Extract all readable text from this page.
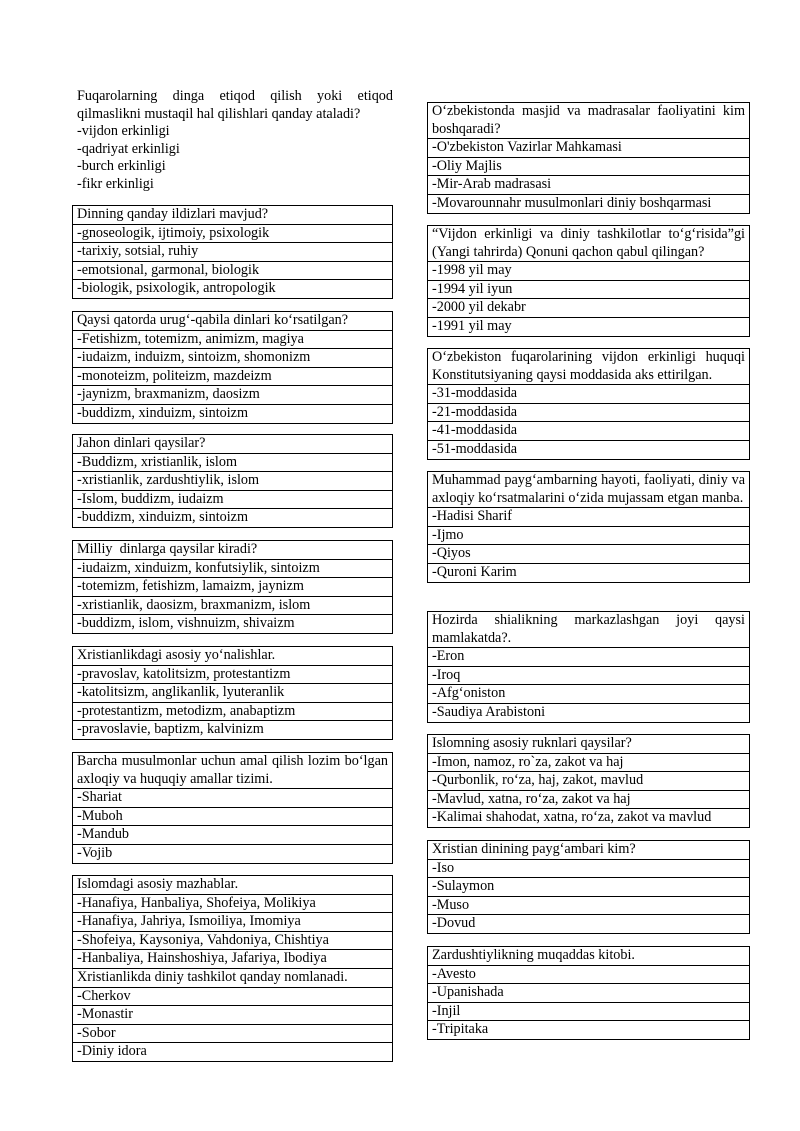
Fuqarolarning dinga etiqod qilish yoki etiqod qilmaslikni mustaqil hal qilishlari qanday ataladi?
-vijdon erkinligi
-qadriyat erkinligi
-burch erkinligi
-fikr erkinligi
Dinning qanday ildizlari mavjud?
-gnoseologik, ijtimoiy, psixologik
-tarixiy, sotsial, ruhiy
-emotsional, garmonal, biologik
-biologik, psixologik, antropologik
Qaysi qatorda urug‘-qabila dinlari ko‘rsatilgan?
-Fetishizm, totemizm, animizm, magiya
-iudaizm, induizm, sintoizm, shomonizm
-monoteizm, politeizm, mazdeizm
-jaynizm, braxmanizm, daosizm
-buddizm, xinduizm, sintoizm
Jahon dinlari qaysilar?
-Buddizm, xristianlik, islom
-xristianlik, zardushtiylik, islom
-Islom, buddizm, iudaizm
-buddizm, xinduizm, sintoizm
Milliy  dinlarga qaysilar kiradi?
-iudaizm, xinduizm, konfutsiylik, sintoizm
-totemizm, fetishizm, lamaizm, jaynizm
-xristianlik, daosizm, braxmanizm, islom
-buddizm, islom, vishnuizm, shivaizm
Xristianlikdagi asosiy yo‘nalishlar.
-pravoslav, katolitsizm, protestantizm
-katolitsizm, anglikanlik, lyuteranlik
-protestantizm, metodizm, anabaptizm
-pravoslavie, baptizm, kalvinizm
Barcha musulmonlar uchun amal qilish lozim bo‘lgan axloqiy va huquqiy amallar tizimi.
-Shariat
-Muboh
-Mandub
-Vojib
Islomdagi asosiy mazhablar.
-Hanafiya, Hanbaliya, Shofeiya, Molikiya
-Hanafiya, Jahriya, Ismoiliya, Imomiya
-Shofeiya, Kaysoniya, Vahdoniya, Chishtiya
-Hanbaliya, Hainshoshiya, Jafariya, Ibodiya
Xristianlikda diniy tashkilot qanday nomlanadi.
-Cherkov
-Monastir
-Sobor
-Diniy idora
O‘zbekistonda masjid va madrasalar faoliyatini kim boshqaradi?
-O'zbekiston Vazirlar Mahkamasi
-Oliy Majlis
-Mir-Arab madrasasi
-Movarounnahr musulmonlari diniy boshqarmasi
“Vijdon erkinligi va diniy tashkilotlar to‘g‘risida”gi (Yangi tahrirda) Qonuni qachon qabul qilingan?
-1998 yil may
-1994 yil iyun
-2000 yil dekabr
-1991 yil may
O‘zbekiston fuqarolarining vijdon erkinligi huquqi Konstitutsiyaning qaysi moddasida aks ettirilgan.
-31-moddasida
-21-moddasida
-41-moddasida
-51-moddasida
Muhammad payg‘ambarning hayoti, faoliyati, diniy va axloqiy ko‘rsatmalarini o‘zida mujassam etgan manba.
-Hadisi Sharif
-Ijmo
-Qiyos
-Quroni Karim
Hozirda shialikning markazlashgan joyi qaysi mamlakatda?.
-Eron
-Iroq
-Afg‘oniston
-Saudiya Arabistoni
Islomning asosiy ruknlari qaysilar?
-Imon, namoz, ro`za, zakot va haj
-Qurbonlik, ro‘za, haj, zakot, mavlud
-Mavlud, xatna, ro‘za, zakot va haj
-Kalimai shahodat, xatna, ro‘za, zakot va mavlud
Xristian dinining payg‘ambari kim?
-Iso
-Sulaymon
-Muso
-Dovud
Zardushtiylikning muqaddas kitobi.
-Avesto
-Upanishada
-Injil
-Tripitaka
